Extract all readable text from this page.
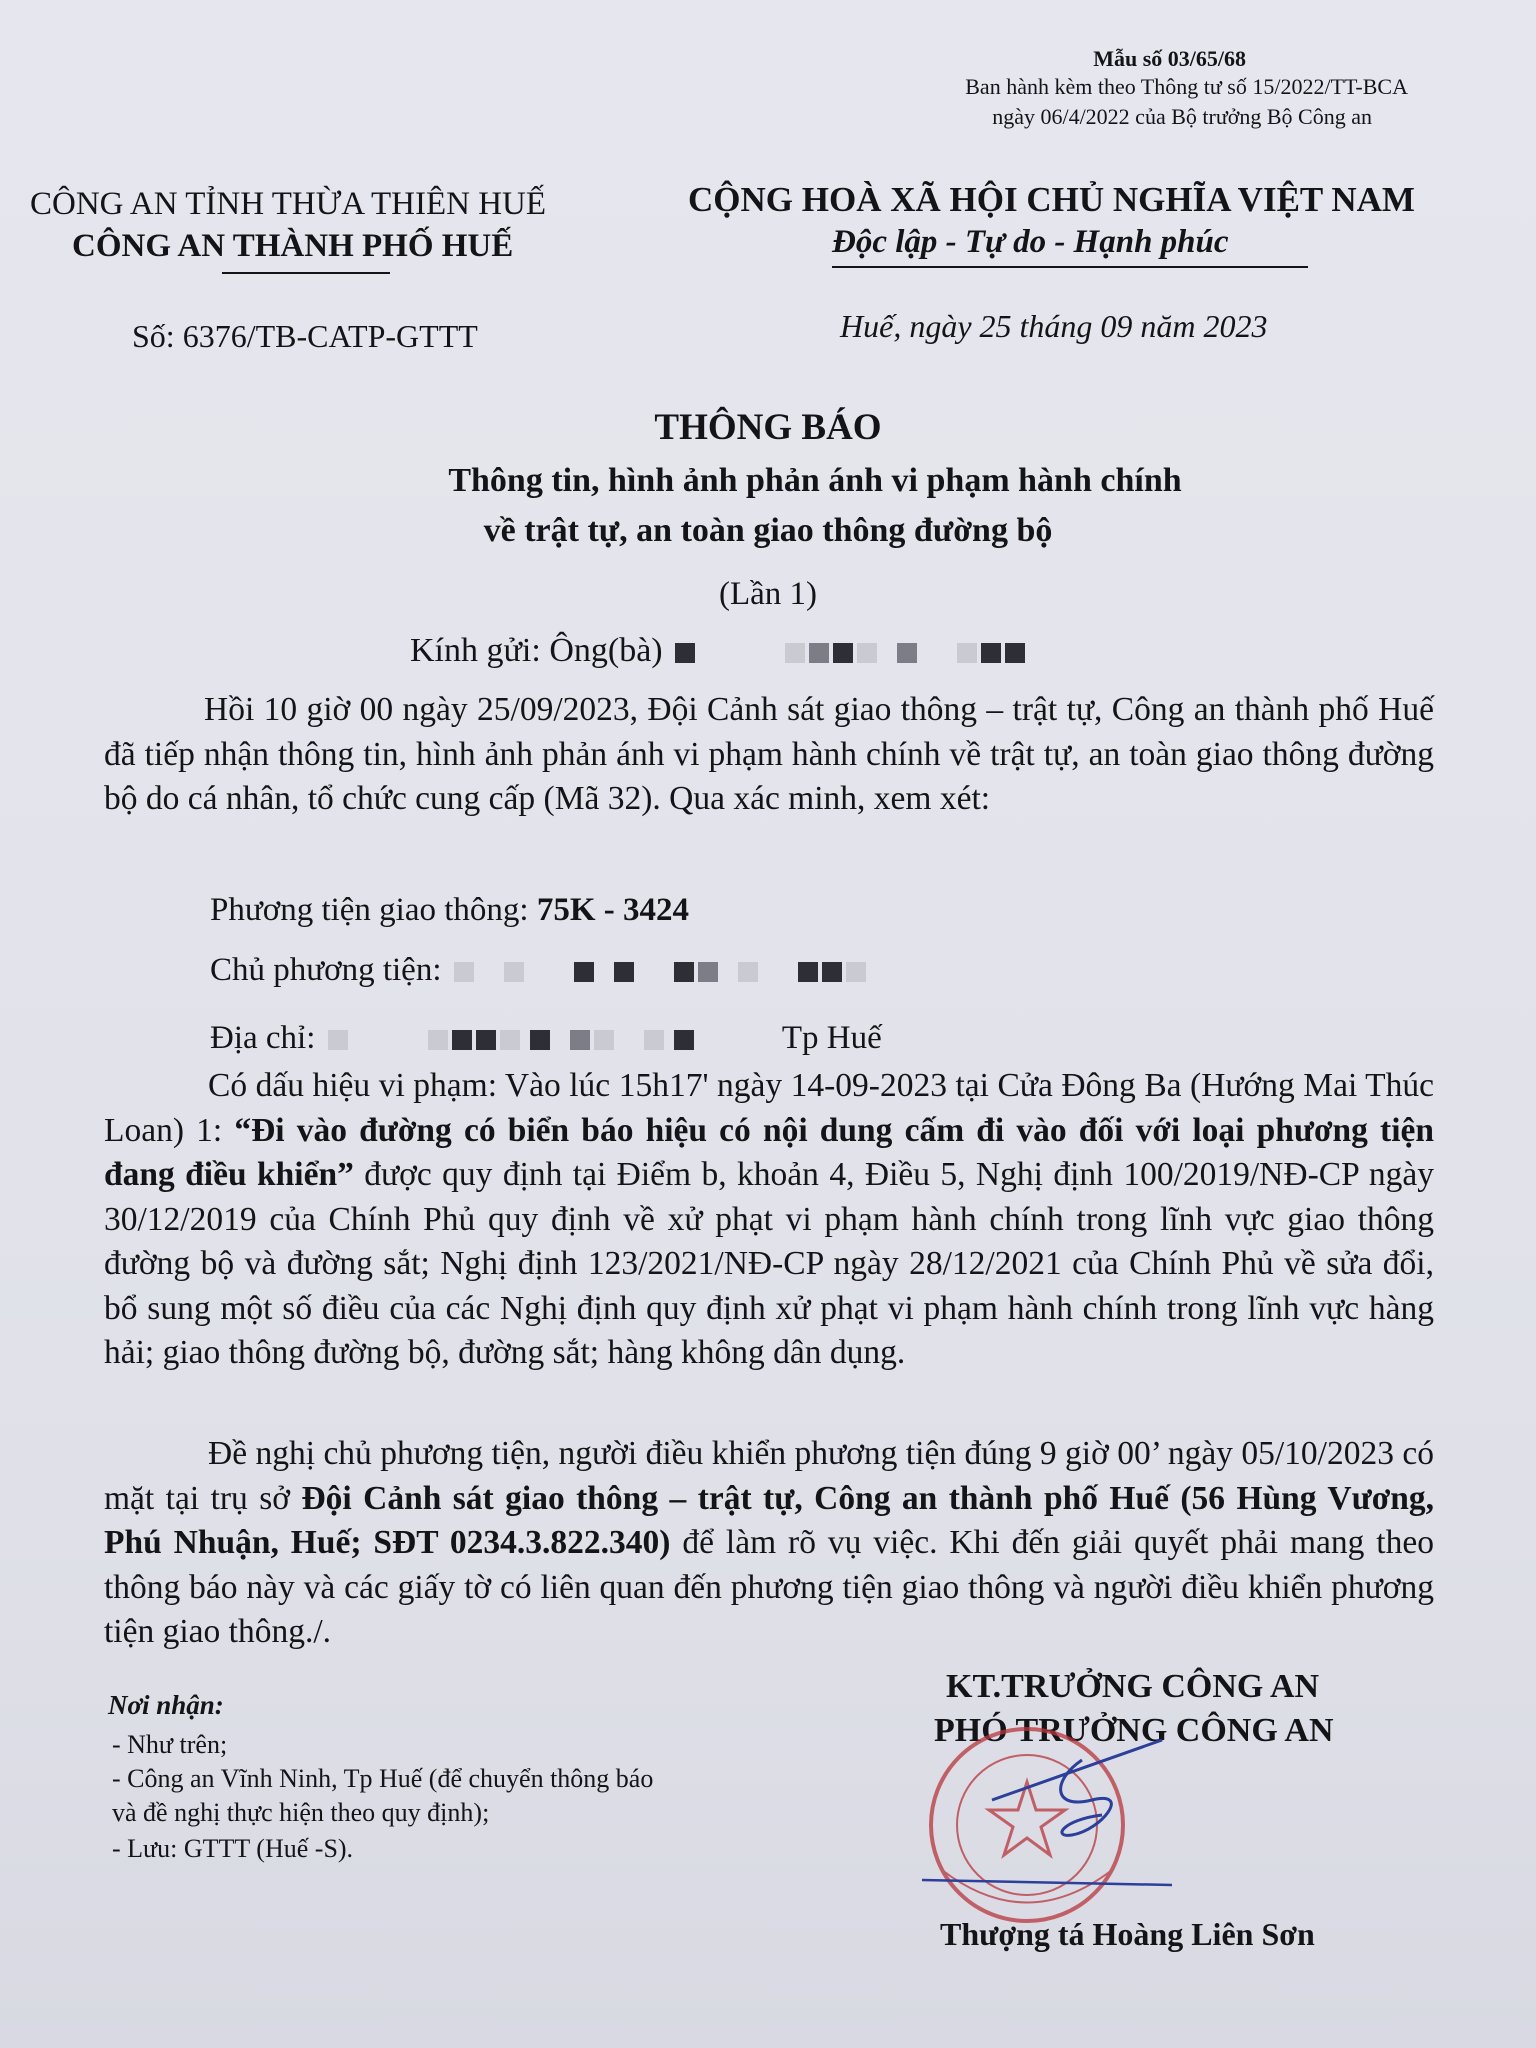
Mẫu số 03/65/68
Ban hành kèm theo Thông tư số 15/2022/TT-BCA
ngày 06/4/2022 của Bộ trưởng Bộ Công an
CÔNG AN TỈNH THỪA THIÊN HUẾ
CÔNG AN THÀNH PHỐ HUẾ
CỘNG HOÀ XÃ HỘI CHỦ NGHĨA VIỆT NAM
Độc lập - Tự do - Hạnh phúc
Số: 6376/TB-CATP-GTTT	Huế, ngày 25 tháng 09 năm 2023
THÔNG BÁO
Thông tin, hình ảnh phản ánh vi phạm hành chính
về trật tự, an toàn giao thông đường bộ
(Lần 1)
Kính gửi: Ông(bà)

Hồi 10 giờ 00 ngày 25/09/2023, Đội Cảnh sát giao thông – trật tự, Công an thành phố Huế đã tiếp nhận thông tin, hình ảnh phản ánh vi phạm hành chính về trật tự, an toàn giao thông đường bộ do cá nhân, tổ chức cung cấp (Mã 32). Qua xác minh, xem xét:

Phương tiện giao thông: 75K - 3424
Chủ phương tiện:
Địa chỉ:	Tp Huế

Có dấu hiệu vi phạm: Vào lúc 15h17' ngày 14-09-2023 tại Cửa Đông Ba (Hướng Mai Thúc Loan) 1: “Đi vào đường có biển báo hiệu có nội dung cấm đi vào đối với loại phương tiện đang điều khiển” được quy định tại Điểm b, khoản 4, Điều 5, Nghị định 100/2019/NĐ-CP ngày 30/12/2019 của Chính Phủ quy định về xử phạt vi phạm hành chính trong lĩnh vực giao thông đường bộ và đường sắt; Nghị định 123/2021/NĐ-CP ngày 28/12/2021 của Chính Phủ về sửa đổi, bổ sung một số điều của các Nghị định quy định xử phạt vi phạm hành chính trong lĩnh vực hàng hải; giao thông đường bộ, đường sắt; hàng không dân dụng.

Đề nghị chủ phương tiện, người điều khiển phương tiện đúng 9 giờ 00’ ngày 05/10/2023 có mặt tại trụ sở Đội Cảnh sát giao thông – trật tự, Công an thành phố Huế (56 Hùng Vương, Phú Nhuận, Huế; SĐT 0234.3.822.340) để làm rõ vụ việc. Khi đến giải quyết phải mang theo thông báo này và các giấy tờ có liên quan đến phương tiện giao thông và người điều khiển phương tiện giao thông./.

Nơi nhận:
- Như trên;
- Công an Vĩnh Ninh, Tp Huế (để chuyển thông báo
và đề nghị thực hiện theo quy định);
- Lưu: GTTT (Huế -S).
KT.TRƯỞNG CÔNG AN
PHÓ TRƯỞNG CÔNG AN
Thượng tá Hoàng Liên Sơn
